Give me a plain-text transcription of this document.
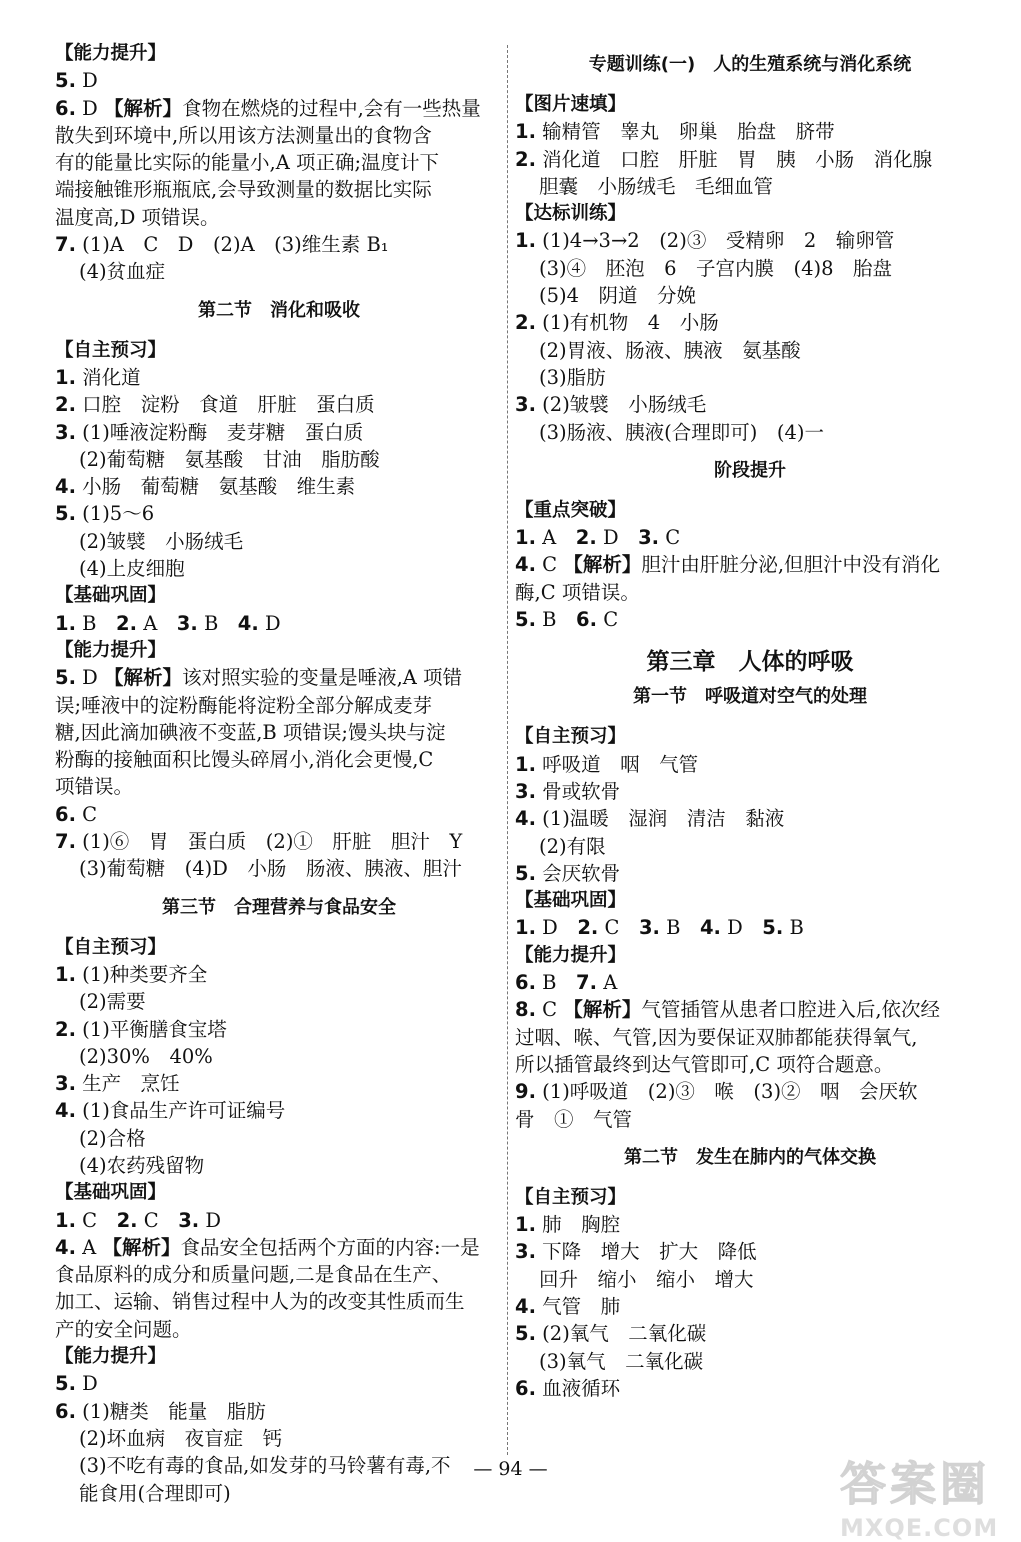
【 能力提升 】
5. D
6. D 【 解析 】 食物在燃烧的过程中,会有一些热量
散失到环境中,所以用该方法测量出的食物含
有的能量比实际的能量小,A 项正确;温度计下
端接触锥形瓶瓶底,会导致测量的数据比实际
温度高,D 项错误。
7. (1)A　C　D　(2)A　(3)维生素 B₁
(4)贫血症
第二节　消化和吸收
【 自主预习 】
1. 消化道
2. 口腔　淀粉　食道　肝脏　蛋白质
3. (1)唾液淀粉酶　麦芽糖　蛋白质
(2)葡萄糖　氨基酸　甘油　脂肪酸
4. 小肠　葡萄糖　氨基酸　维生素
5. (1)5～6
(2)皱襞　小肠绒毛
(4)上皮细胞
【 基础巩固 】
1. B　2. A　3. B　4. D
【 能力提升 】
5. D 【 解析 】 该对照实验的变量是唾液,A 项错
误;唾液中的淀粉酶能将淀粉全部分解成麦芽
糖,因此滴加碘液不变蓝,B 项错误;馒头块与淀
粉酶的接触面积比馒头碎屑小,消化会更慢,C
项错误。
6. C
7. (1)⑥　胃　蛋白质　(2)①　肝脏　胆汁　Y
(3)葡萄糖　(4)D　小肠　肠液、胰液、胆汁
第三节　合理营养与食品安全
【 自主预习 】
1. (1)种类要齐全
(2)需要
2. (1)平衡膳食宝塔
(2)30%　40%
3. 生产　烹饪
4. (1)食品生产许可证编号
(2)合格
(4)农药残留物
【 基础巩固 】
1. C　2. C　3. D
4. A 【 解析 】 食品安全包括两个方面的内容:一是
食品原料的成分和质量问题,二是食品在生产、
加工、运输、销售过程中人为的改变其性质而生
产的安全问题。
【 能力提升 】
5. D
6. (1)糖类　能量　脂肪
(2)坏血病　夜盲症　钙
(3)不吃有毒的食品,如发芽的马铃薯有毒,不
能食用(合理即可)
专题训练(一)　人的生殖系统与消化系统
【 图片速填 】
1. 输精管　睾丸　卵巢　胎盘　脐带
2. 消化道　口腔　肝脏　胃　胰　小肠　消化腺
胆囊　小肠绒毛　毛细血管
【 达标训练 】
1. (1)4→3→2　(2)③　受精卵　2　输卵管
(3)④　胚泡　6　子宫内膜　(4)8　胎盘
(5)4　阴道　分娩
2. (1)有机物　4　小肠
(2)胃液、肠液、胰液　氨基酸
(3)脂肪
3. (2)皱襞　小肠绒毛
(3)肠液、胰液(合理即可)　(4)一
阶段提升
【 重点突破 】
1. A　2. D　3. C
4. C 【 解析 】 胆汁由肝脏分泌,但胆汁中没有消化
酶,C 项错误。
5. B　6. C
第三章　人体的呼吸
第一节　呼吸道对空气的处理
【 自主预习 】
1. 呼吸道　咽　气管
3. 骨或软骨
4. (1)温暖　湿润　清洁　黏液
(2)有限
5. 会厌软骨
【 基础巩固 】
1. D　2. C　3. B　4. D　5. B
【 能力提升 】
6. B　7. A
8. C 【 解析 】 气管插管从患者口腔进入后,依次经
过咽、喉、气管,因为要保证双肺都能获得氧气,
所以插管最终到达气管即可,C 项符合题意。
9. (1)呼吸道　(2)③　喉　(3)②　咽　会厌软
骨　①　气管
第二节　发生在肺内的气体交换
【 自主预习 】
1. 肺　胸腔
3. 下降　增大　扩大　降低
回升　缩小　缩小　增大
4. 气管　肺
5. (2)氧气　二氧化碳
(3)氧气　二氧化碳
6. 血液循环
— 94 —	答案圈
MXQE.COM
